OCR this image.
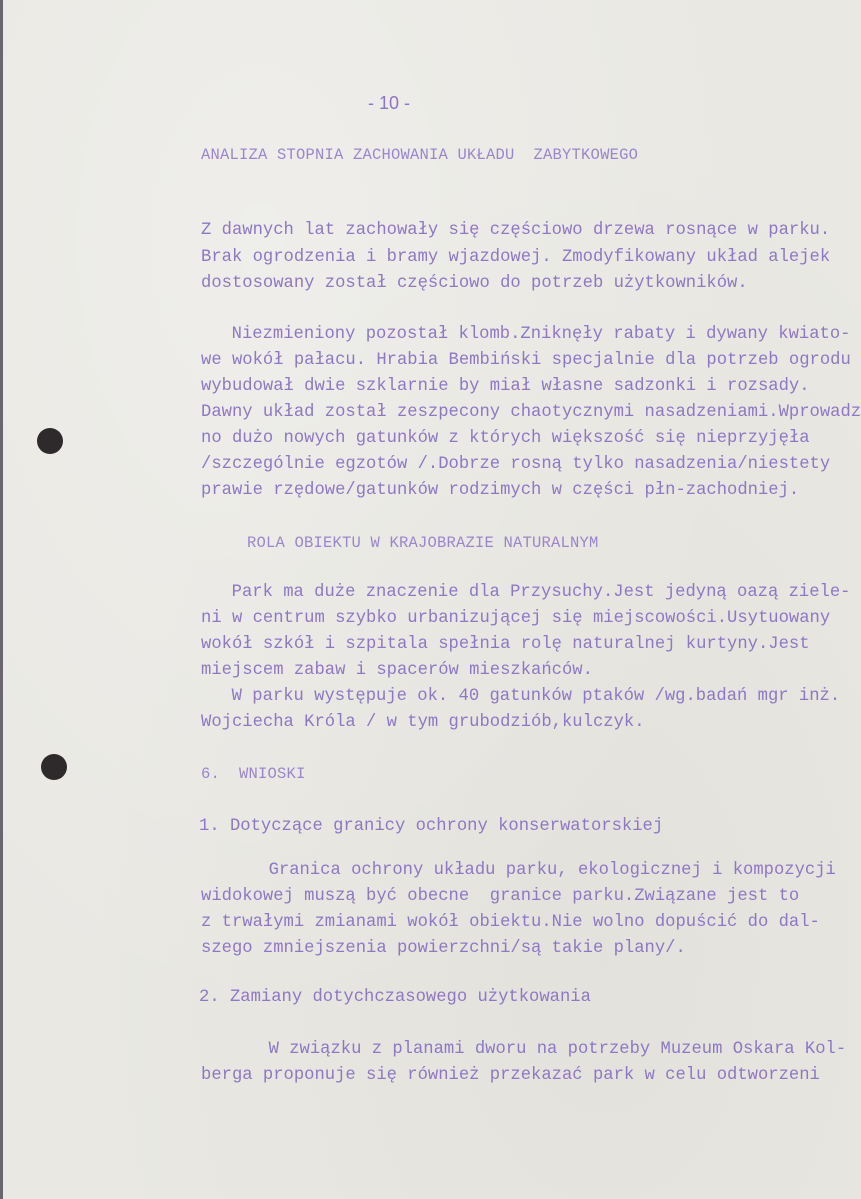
- 10 -
ANALIZA STOPNIA ZACHOWANIA UKŁADU  ZABYTKOWEGO
Z dawnych lat zachowały się częściowo drzewa rosnące w parku.
Brak ogrodzenia i bramy wjazdowej. Zmodyfikowany układ alejek
dostosowany został częściowo do potrzeb użytkowników.
Niezmieniony pozostał klomb.Zniknęły rabaty i dywany kwiato-
we wokół pałacu. Hrabia Bembiński specjalnie dla potrzeb ogrodu
wybudował dwie szklarnie by miał własne sadzonki i rozsady.
Dawny układ został zeszpecony chaotycznymi nasadzeniami.Wprowadz
no dużo nowych gatunków z których większość się nieprzyjęła
/szczególnie egzotów /.Dobrze rosną tylko nasadzenia/niestety
prawie rzędowe/gatunków rodzimych w części płn-zachodniej.
ROLA OBIEKTU W KRAJOBRAZIE NATURALNYM
Park ma duże znaczenie dla Przysuchy.Jest jedyną oazą ziele-
ni w centrum szybko urbanizującej się miejscowości.Usytuowany
wokół szkół i szpitala spełnia rolę naturalnej kurtyny.Jest
miejscem zabaw i spacerów mieszkańców.
W parku występuje ok. 40 gatunków ptaków /wg.badań mgr inż.
Wojciecha Króla / w tym grubodziób,kulczyk.
6.  WNIOSKI
1. Dotyczące granicy ochrony konserwatorskiej
Granica ochrony układu parku, ekologicznej i kompozycji
widokowej muszą być obecne  granice parku.Związane jest to
z trwałymi zmianami wokół obiektu.Nie wolno dopuścić do dal-
szego zmniejszenia powierzchni/są takie plany/.
2. Zamiany dotychczasowego użytkowania
W związku z planami dworu na potrzeby Muzeum Oskara Kol-
berga proponuje się również przekazać park w celu odtworzeni
